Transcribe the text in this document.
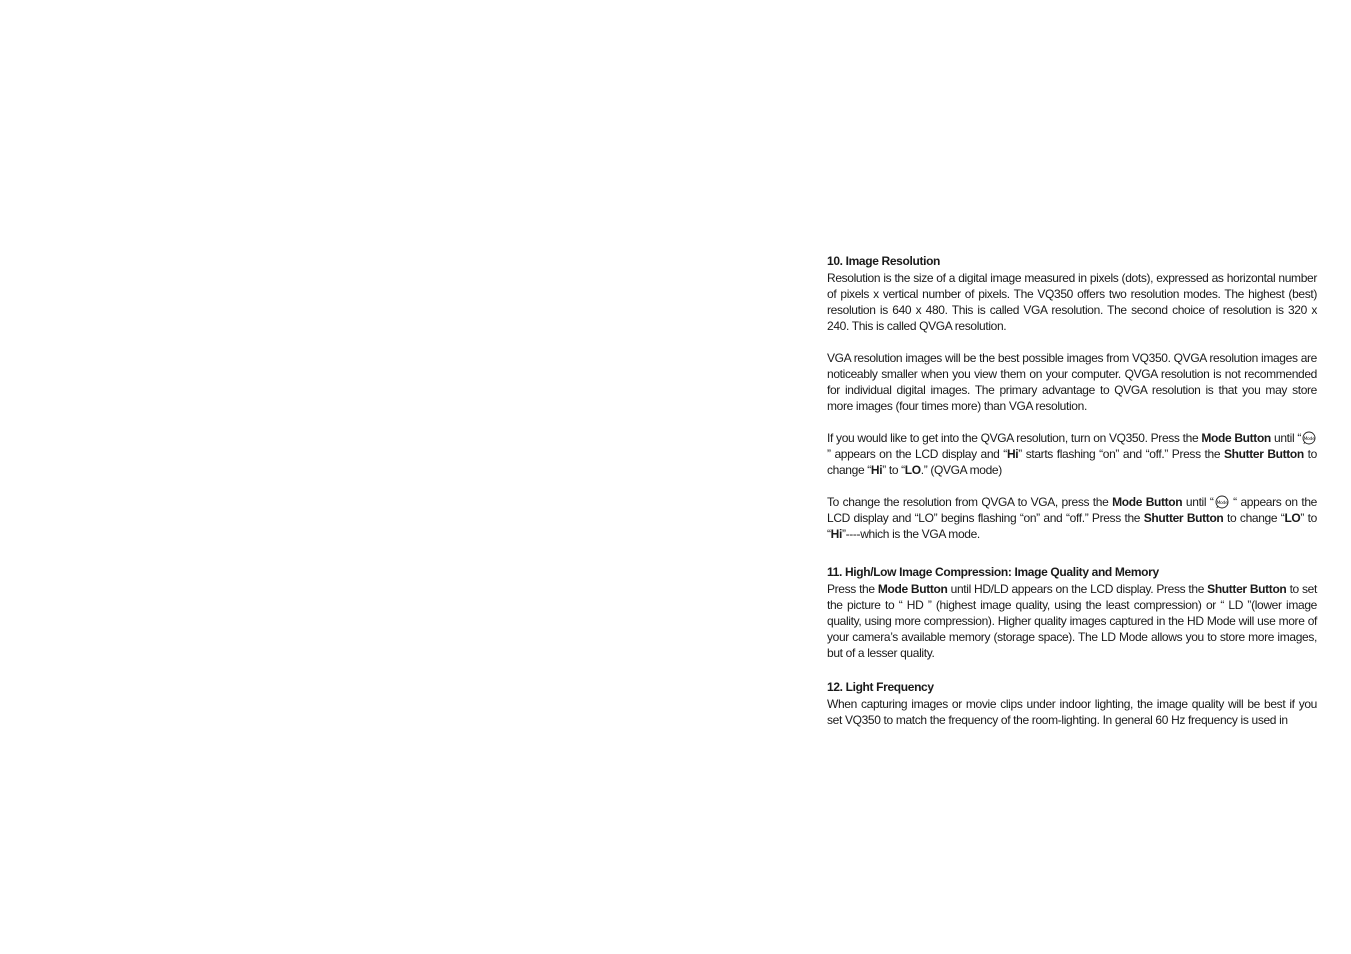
10. Image Resolution

Resolution is the size of a digital image measured in pixels (dots), expressed as horizontal number of pixels x vertical number of pixels. The VQ350 offers two resolution modes. The highest (best) resolution is 640 x 480. This is called VGA resolution. The second choice of resolution is 320 x 240. This is called QVGA resolution.

VGA resolution images will be the best possible images from VQ350. QVGA resolution images are noticeably smaller when you view them on your computer. QVGA resolution is not recommended for individual digital images. The primary advantage to QVGA resolution is that you may store more images (four times more) than VGA resolution.

If you would like to get into the QVGA resolution, turn on VQ350. Press the Mode Button until “ Mode
” appears on the LCD display and “Hi” starts flashing “on” and “off.” Press the Shutter Button to change “Hi” to “LO.” (QVGA mode)

To change the resolution from QVGA to VGA, press the Mode Button until “ Mode “ appears on the LCD display and “LO” begins flashing “on” and “off.” Press the Shutter Button to change “LO” to “Hi”----which is the VGA mode.

11. High/Low Image Compression: Image Quality and Memory

Press the Mode Button until HD/LD appears on the LCD display. Press the Shutter Button to set the picture to “ HD ” (highest image quality, using the least compression) or “ LD ”(lower image quality, using more compression). Higher quality images captured in the HD Mode will use more of your camera’s available memory (storage space). The LD Mode allows you to store more images, but of a lesser quality.

12. Light Frequency

When capturing images or movie clips under indoor lighting, the image quality will be best if you set VQ350 to match the frequency of the room-lighting. In general 60 Hz frequency is used in
